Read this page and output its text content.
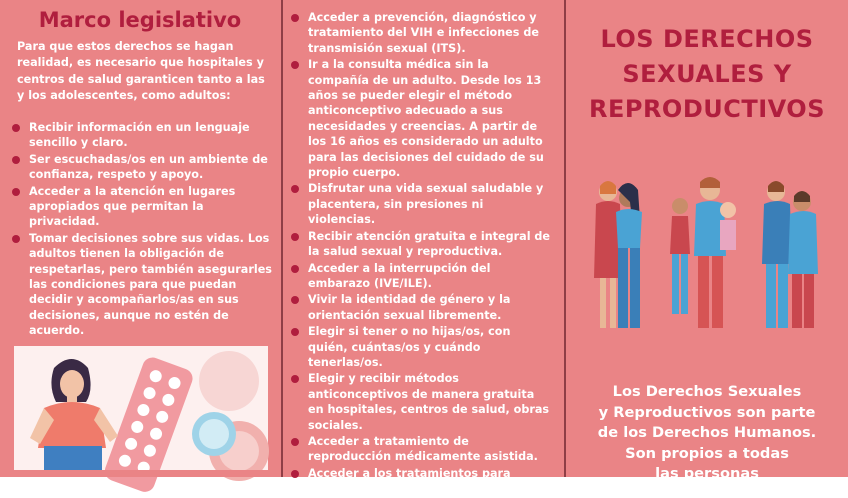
Marco legislativo

Para que estos derechos se hagan realidad, es necesario que hospitales y centros de salud garanticen tanto a las y los adolescentes, como adultos:

Recibir información en un lenguaje sencillo y claro.
Ser escuchadas/os en un ambiente de confianza, respeto y apoyo.
Acceder a la atención en lugares apropiados que permitan la privacidad.
Tomar decisiones sobre sus vidas. Los adultos tienen la obligación de respetarlas, pero también asegurarles las condiciones para que puedan decidir y acompañarlos/as en sus decisiones, aunque no estén de acuerdo.
Acceder a prevención, diagnóstico y tratamiento del VIH e infecciones de transmisión sexual (ITS).
Ir a la consulta médica sin la compañía de un adulto. Desde los 13 años se pueder elegir el método anticonceptivo adecuado a sus necesidades y creencias. A partir de los 16 años es considerado un adulto para las decisiones del cuidado de su propio cuerpo.
Disfrutar una vida sexual saludable y placentera, sin presiones ni violencias.
Recibir atención gratuita e integral de la salud sexual y reproductiva.
Acceder a la interrupción del embarazo (IVE/ILE).
Vivir la identidad de género y la orientación sexual libremente.
Elegir si tener o no hijas/os, con quién, cuántas/os y cuándo tenerlas/os.
Elegir y recibir métodos anticonceptivos de manera gratuita en hospitales, centros de salud, obras sociales.
Acceder a tratamiento de reproducción médicamente asistida.
Acceder a los tratamientos para modificación corporal de acuerdo a la
LOS DERECHOS
SEXUALES Y
REPRODUCTIVOS

Los Derechos Sexuales
y Reproductivos son parte
de los Derechos Humanos.
Son propios a todas
las personas
